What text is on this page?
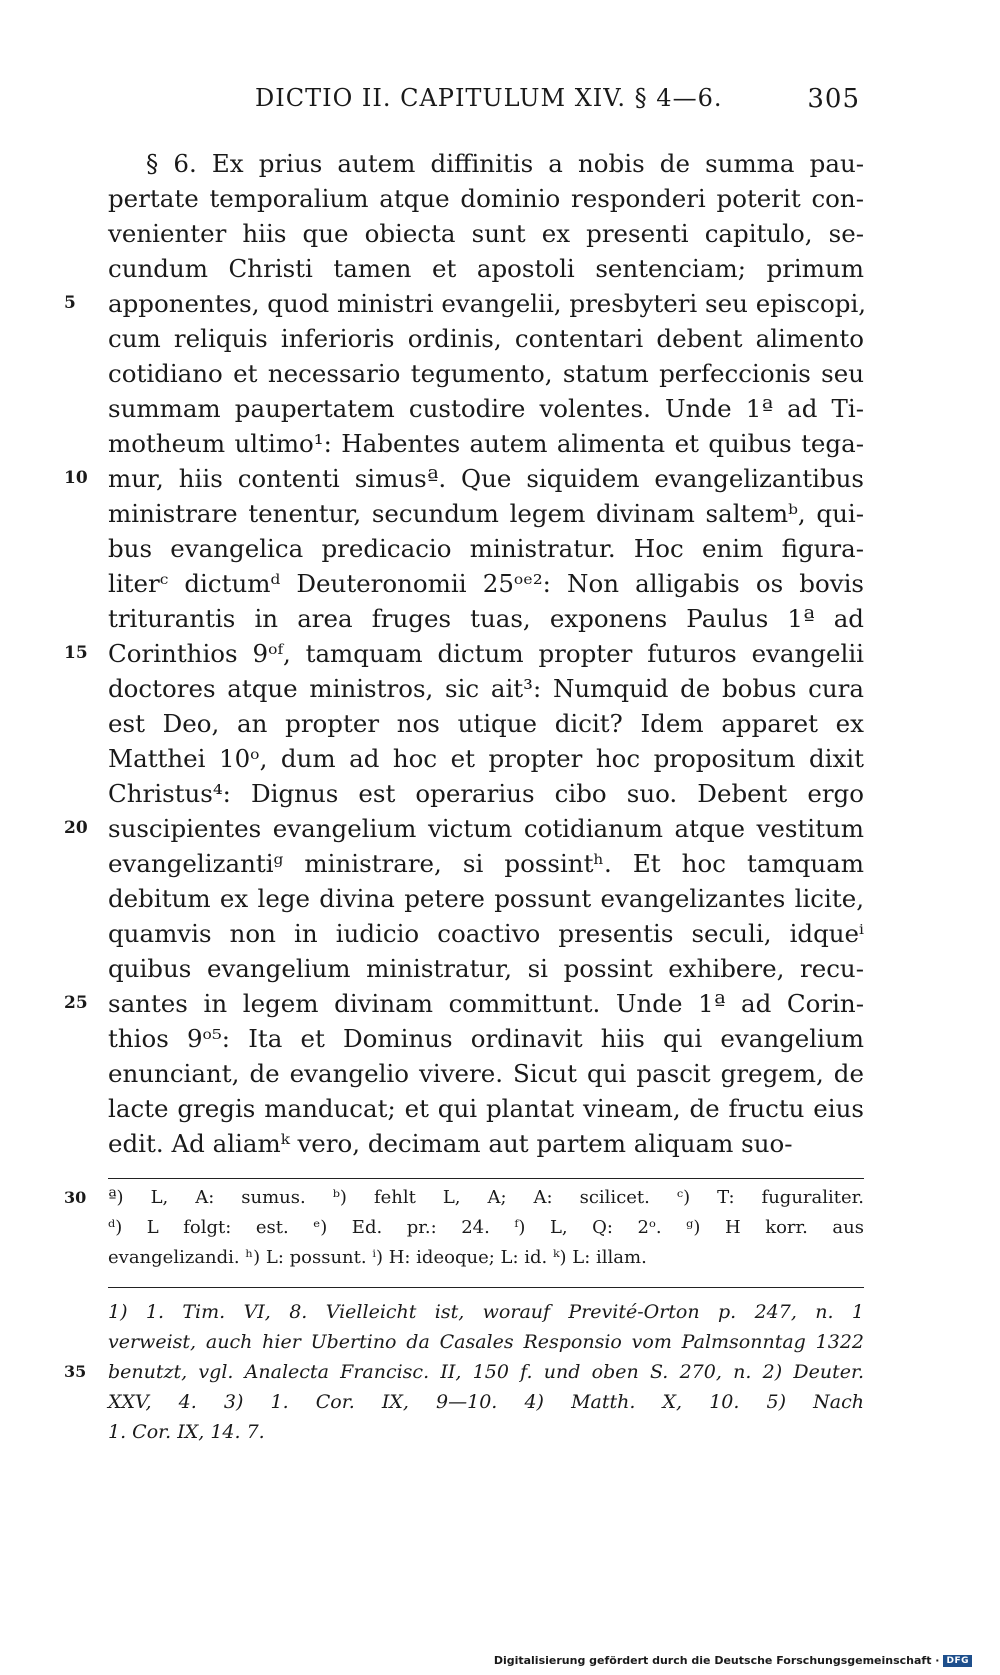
DICTIO II. CAPITULUM XIV. § 4—6.	305
§ 6. Ex prius autem diffinitis a nobis de summa pau-
pertate temporalium atque dominio responderi poterit con-
venienter hiis que obiecta sunt ex presenti capitulo, se-
cundum Christi tamen et apostoli sentenciam; primum
5	apponentes, quod ministri evangelii, presbyteri seu episcopi,
cum reliquis inferioris ordinis, contentari debent alimento
cotidiano et necessario tegumento, statum perfeccionis seu
summam paupertatem custodire volentes. Unde 1ª ad Ti-
motheum ultimo¹: Habentes autem alimenta et quibus tega-
10 mur, hiis contenti simusª. Que siquidem evangelizantibus
ministrare tenentur, secundum legem divinam saltemᵇ, qui-
bus evangelica predicacio ministratur. Hoc enim figura-
literᶜ dictumᵈ Deuteronomii 25ᵒᵉ²: Non alligabis os bovis
triturantis in area fruges tuas, exponens Paulus 1ª ad
15 Corinthios 9ᵒᶠ, tamquam dictum propter futuros evangelii
doctores atque ministros, sic ait³: Numquid de bobus cura
est Deo, an propter nos utique dicit? Idem apparet ex
Matthei 10ᵒ, dum ad hoc et propter hoc propositum dixit
Christus⁴: Dignus est operarius cibo suo. Debent ergo
20 suscipientes evangelium victum cotidianum atque vestitum
evangelizantiᵍ ministrare, si possintʰ. Et hoc tamquam
debitum ex lege divina petere possunt evangelizantes licite,
quamvis non in iudicio coactivo presentis seculi, idqueⁱ
quibus evangelium ministratur, si possint exhibere, recu-
25 santes in legem divinam committunt. Unde 1ª ad Corin-
thios 9ᵒ⁵: Ita et Dominus ordinavit hiis qui evangelium
enunciant, de evangelio vivere. Sicut qui pascit gregem, de
lacte gregis manducat; et qui plantat vineam, de fructu eius
edit. Ad aliamᵏ vero, decimam aut partem aliquam suo-
30	ª) L, A: sumus. ᵇ) fehlt L, A; A: scilicet. ᶜ) T: fuguraliter.
ᵈ) L folgt: est. ᵉ) Ed. pr.: 24. ᶠ) L, Q: 2ᵒ. ᵍ) H korr. aus
evangelizandi. ʰ) L: possunt. ⁱ) H: ideoque; L: id. ᵏ) L: illam.
1) 1. Tim. VI, 8. Vielleicht ist, worauf Previté-Orton p. 247, n. 1
verweist, auch hier Ubertino da Casales Responsio vom Palmsonntag 1322
35	benutzt, vgl. Analecta Francisc. II, 150 f. und oben S. 270, n. 2) Deuter.
XXV, 4. 3) 1. Cor. IX, 9—10. 4) Matth. X, 10. 5) Nach
1. Cor. IX, 14. 7.
Digitalisierung gefördert durch die Deutsche Forschungsgemeinschaft · DFG
